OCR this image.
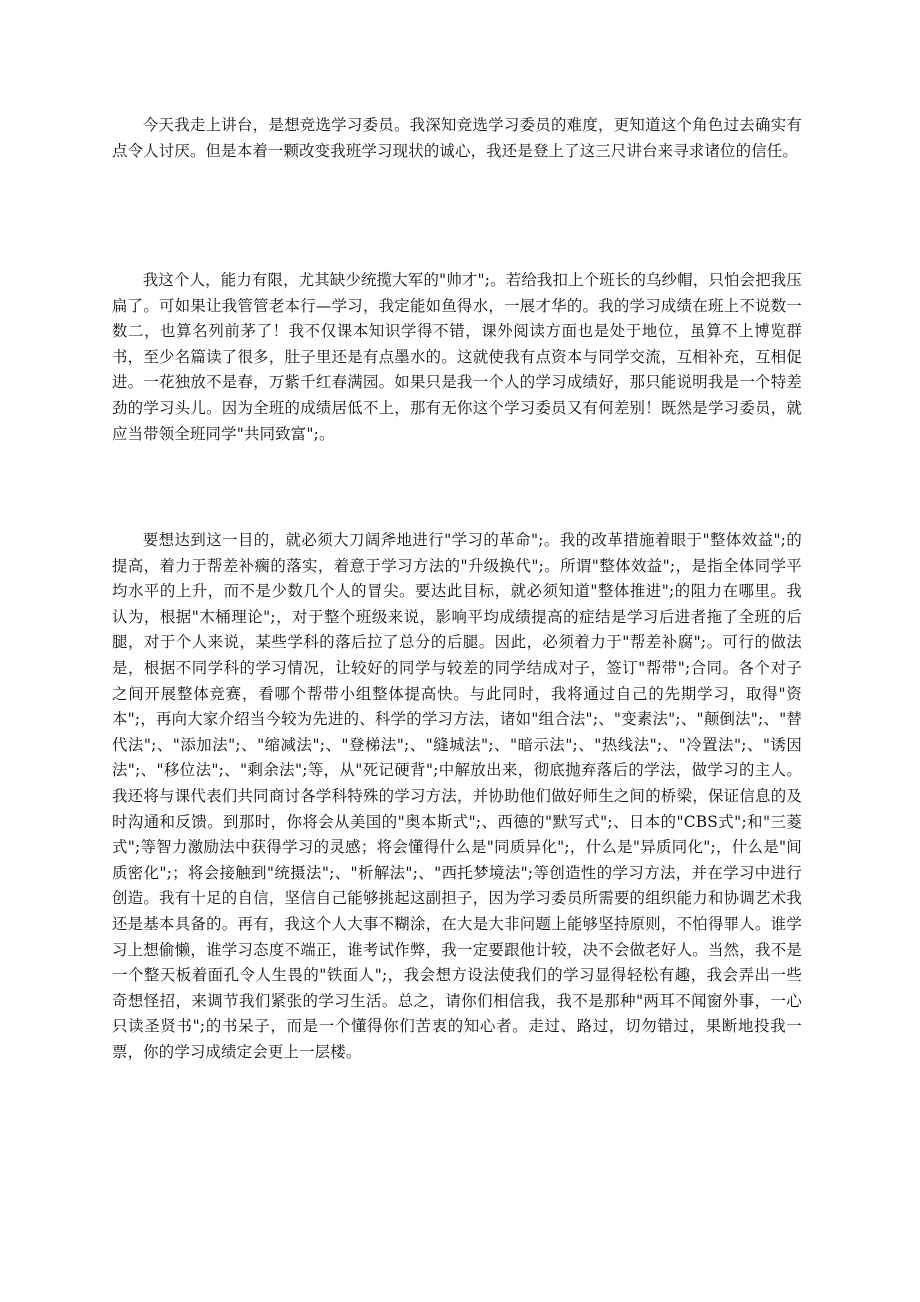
今天我走上讲台，是想竞选学习委员。我深知竞选学习委员的难度，更知道这个角色过去确实有点令人讨厌。但是本着一颗改变我班学习现状的诚心，我还是登上了这三尺讲台来寻求诸位的信任。

我这个人，能力有限，尤其缺少统揽大军的"帅才";。若给我扣上个班长的乌纱帽，只怕会把我压扁了。可如果让我管管老本行—学习，我定能如鱼得水，一展才华的。我的学习成绩在班上不说数一数二，也算名列前茅了！我不仅课本知识学得不错，课外阅读方面也是处于地位，虽算不上博览群书，至少名篇读了很多，肚子里还是有点墨水的。这就使我有点资本与同学交流，互相补充，互相促进。一花独放不是春，万紫千红春满园。如果只是我一个人的学习成绩好，那只能说明我是一个特差劲的学习头儿。因为全班的成绩居低不上，那有无你这个学习委员又有何差别！既然是学习委员，就应当带领全班同学"共同致富";。

要想达到这一目的，就必须大刀阔斧地进行"学习的革命";。我的改革措施着眼于"整体效益";的提高，着力于帮差补瘸的落实，着意于学习方法的"升级换代";。所谓"整体效益";，是指全体同学平均水平的上升，而不是少数几个人的冒尖。要达此目标，就必须知道"整体推进";的阻力在哪里。我认为，根据"木桶理论";，对于整个班级来说，影响平均成绩提高的症结是学习后进者拖了全班的后腿，对于个人来说，某些学科的落后拉了总分的后腿。因此，必须着力于"帮差补腐";。可行的做法是，根据不同学科的学习情况，让较好的同学与较差的同学结成对子，签订"帮带";合同。各个对子之间开展整体竞赛，看哪个帮带小组整体提高快。与此同时，我将通过自己的先期学习，取得"资本";，再向大家介绍当今较为先进的、科学的学习方法，诸如"组合法";、"变素法";、"颠倒法";、"替代法";、"添加法";、"缩减法";、"登梯法";、"缝城法";、"暗示法";、"热线法";、"冷置法";、"诱因法";、"移位法";、"剩余法";等，从"死记硬背";中解放出来，彻底抛弃落后的学法，做学习的主人。我还将与课代表们共同商讨各学科特殊的学习方法，并协助他们做好师生之间的桥梁，保证信息的及时沟通和反馈。到那时，你将会从美国的"奥本斯式";、西德的"默写式";、日本的"CBS式";和"三菱式";等智力激励法中获得学习的灵感；将会懂得什么是"同质异化";，什么是"异质同化";，什么是"间质密化";；将会接触到"统摄法";、"析解法";、"西托梦境法";等创造性的学习方法，并在学习中进行创造。我有十足的自信，坚信自己能够挑起这副担子，因为学习委员所需要的组织能力和协调艺术我还是基本具备的。再有，我这个人大事不糊涂，在大是大非问题上能够坚持原则，不怕得罪人。谁学习上想偷懒，谁学习态度不端正，谁考试作弊，我一定要跟他计较，决不会做老好人。当然，我不是一个整天板着面孔令人生畏的"铁面人";，我会想方设法使我们的学习显得轻松有趣，我会弄出一些奇想怪招，来调节我们紧张的学习生活。总之，请你们相信我，我不是那种"两耳不闻窗外事，一心只读圣贤书";的书呆子，而是一个懂得你们苦衷的知心者。走过、路过，切勿错过，果断地投我一票，你的学习成绩定会更上一层楼。
